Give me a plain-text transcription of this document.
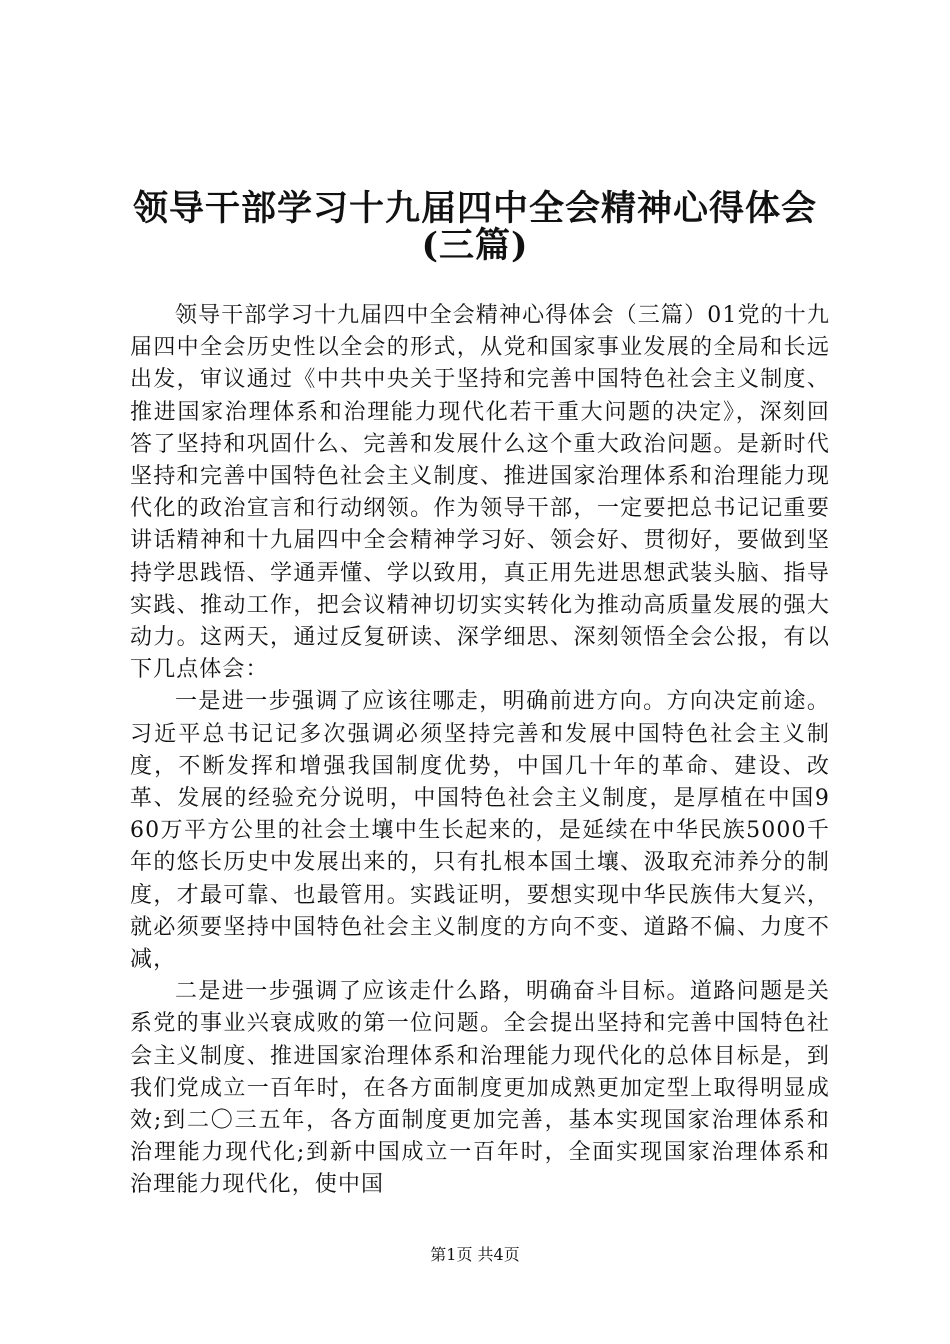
领导干部学习十九届四中全会精神心得体会
(三篇)

领导干部学习十九届四中全会精神心得体会（三篇）01党的十九届四中全会历史性以全会的形式，从党和国家事业发展的全局和长远出发，审议通过《中共中央关于坚持和完善中国特色社会主义制度、推进国家治理体系和治理能力现代化若干重大问题的决定》，深刻回答了坚持和巩固什么、完善和发展什么这个重大政治问题。是新时代坚持和完善中国特色社会主义制度、推进国家治理体系和治理能力现代化的政治宣言和行动纲领。作为领导干部，一定要把总书记记重要讲话精神和十九届四中全会精神学习好、领会好、贯彻好，要做到坚持学思践悟、学通弄懂、学以致用，真正用先进思想武装头脑、指导实践、推动工作，把会议精神切切实实转化为推动高质量发展的强大动力。这两天，通过反复研读、深学细思、深刻领悟全会公报，有以下几点体会：

一是进一步强调了应该往哪走，明确前进方向。方向决定前途。习近平总书记记多次强调必须坚持完善和发展中国特色社会主义制度，不断发挥和增强我国制度优势，中国几十年的革命、建设、改革、发展的经验充分说明，中国特色社会主义制度，是厚植在中国960万平方公里的社会土壤中生长起来的，是延续在中华民族5000千年的悠长历史中发展出来的，只有扎根本国土壤、汲取充沛养分的制度，才最可靠、也最管用。实践证明，要想实现中华民族伟大复兴，就必须要坚持中国特色社会主义制度的方向不变、道路不偏、力度不减，

二是进一步强调了应该走什么路，明确奋斗目标。道路问题是关系党的事业兴衰成败的第一位问题。全会提出坚持和完善中国特色社会主义制度、推进国家治理体系和治理能力现代化的总体目标是，到我们党成立一百年时，在各方面制度更加成熟更加定型上取得明显成效;到二〇三五年，各方面制度更加完善，基本实现国家治理体系和治理能力现代化;到新中国成立一百年时，全面实现国家治理体系和治理能力现代化，使中国

第1页 共4页
